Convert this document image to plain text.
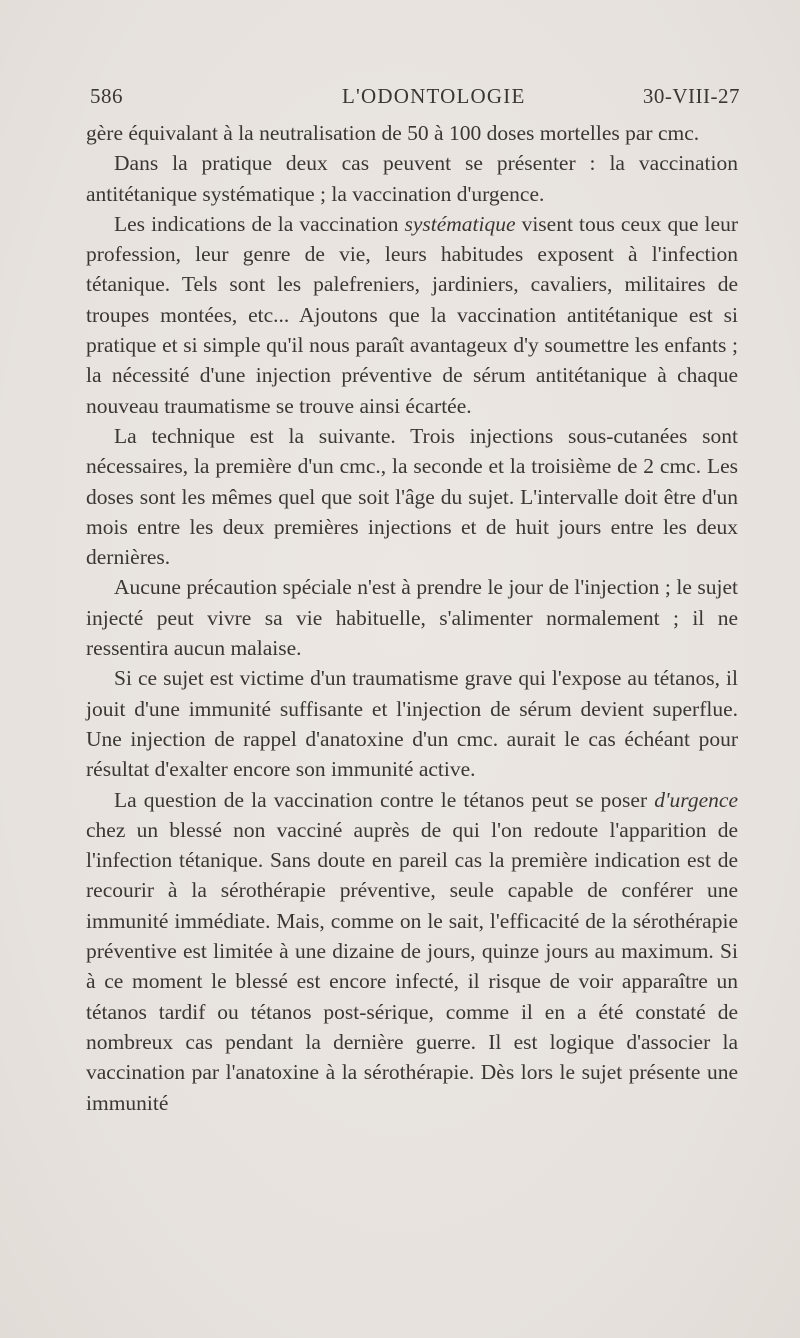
586	L'ODONTOLOGIE	30-VIII-27

gère équivalant à la neutralisation de 50 à 100 doses mortelles par cmc.

Dans la pratique deux cas peuvent se présenter : la vaccination antitétanique systématique ; la vaccination d'urgence.

Les indications de la vaccination systématique visent tous ceux que leur profession, leur genre de vie, leurs habitudes exposent à l'infection tétanique. Tels sont les palefreniers, jardiniers, cavaliers, militaires de troupes montées, etc... Ajoutons que la vaccination antitétanique est si pratique et si simple qu'il nous paraît avantageux d'y soumettre les enfants ; la nécessité d'une injection préventive de sérum antitétanique à chaque nouveau traumatisme se trouve ainsi écartée.

La technique est la suivante. Trois injections sous-cutanées sont nécessaires, la première d'un cmc., la seconde et la troisième de 2 cmc. Les doses sont les mêmes quel que soit l'âge du sujet. L'intervalle doit être d'un mois entre les deux premières injections et de huit jours entre les deux dernières.

Aucune précaution spéciale n'est à prendre le jour de l'injection ; le sujet injecté peut vivre sa vie habituelle, s'alimenter normalement ; il ne ressentira aucun malaise.

Si ce sujet est victime d'un traumatisme grave qui l'expose au tétanos, il jouit d'une immunité suffisante et l'injection de sérum devient superflue. Une injection de rappel d'anatoxine d'un cmc. aurait le cas échéant pour résultat d'exalter encore son immunité active.

La question de la vaccination contre le tétanos peut se poser d'urgence chez un blessé non vacciné auprès de qui l'on redoute l'apparition de l'infection tétanique. Sans doute en pareil cas la première indication est de recourir à la sérothérapie préventive, seule capable de conférer une immunité immédiate. Mais, comme on le sait, l'efficacité de la sérothérapie préventive est limitée à une dizaine de jours, quinze jours au maximum. Si à ce moment le blessé est encore infecté, il risque de voir apparaître un tétanos tardif ou tétanos post-sérique, comme il en a été constaté de nombreux cas pendant la dernière guerre. Il est logique d'associer la vaccination par l'anatoxine à la sérothérapie. Dès lors le sujet présente une immunité
